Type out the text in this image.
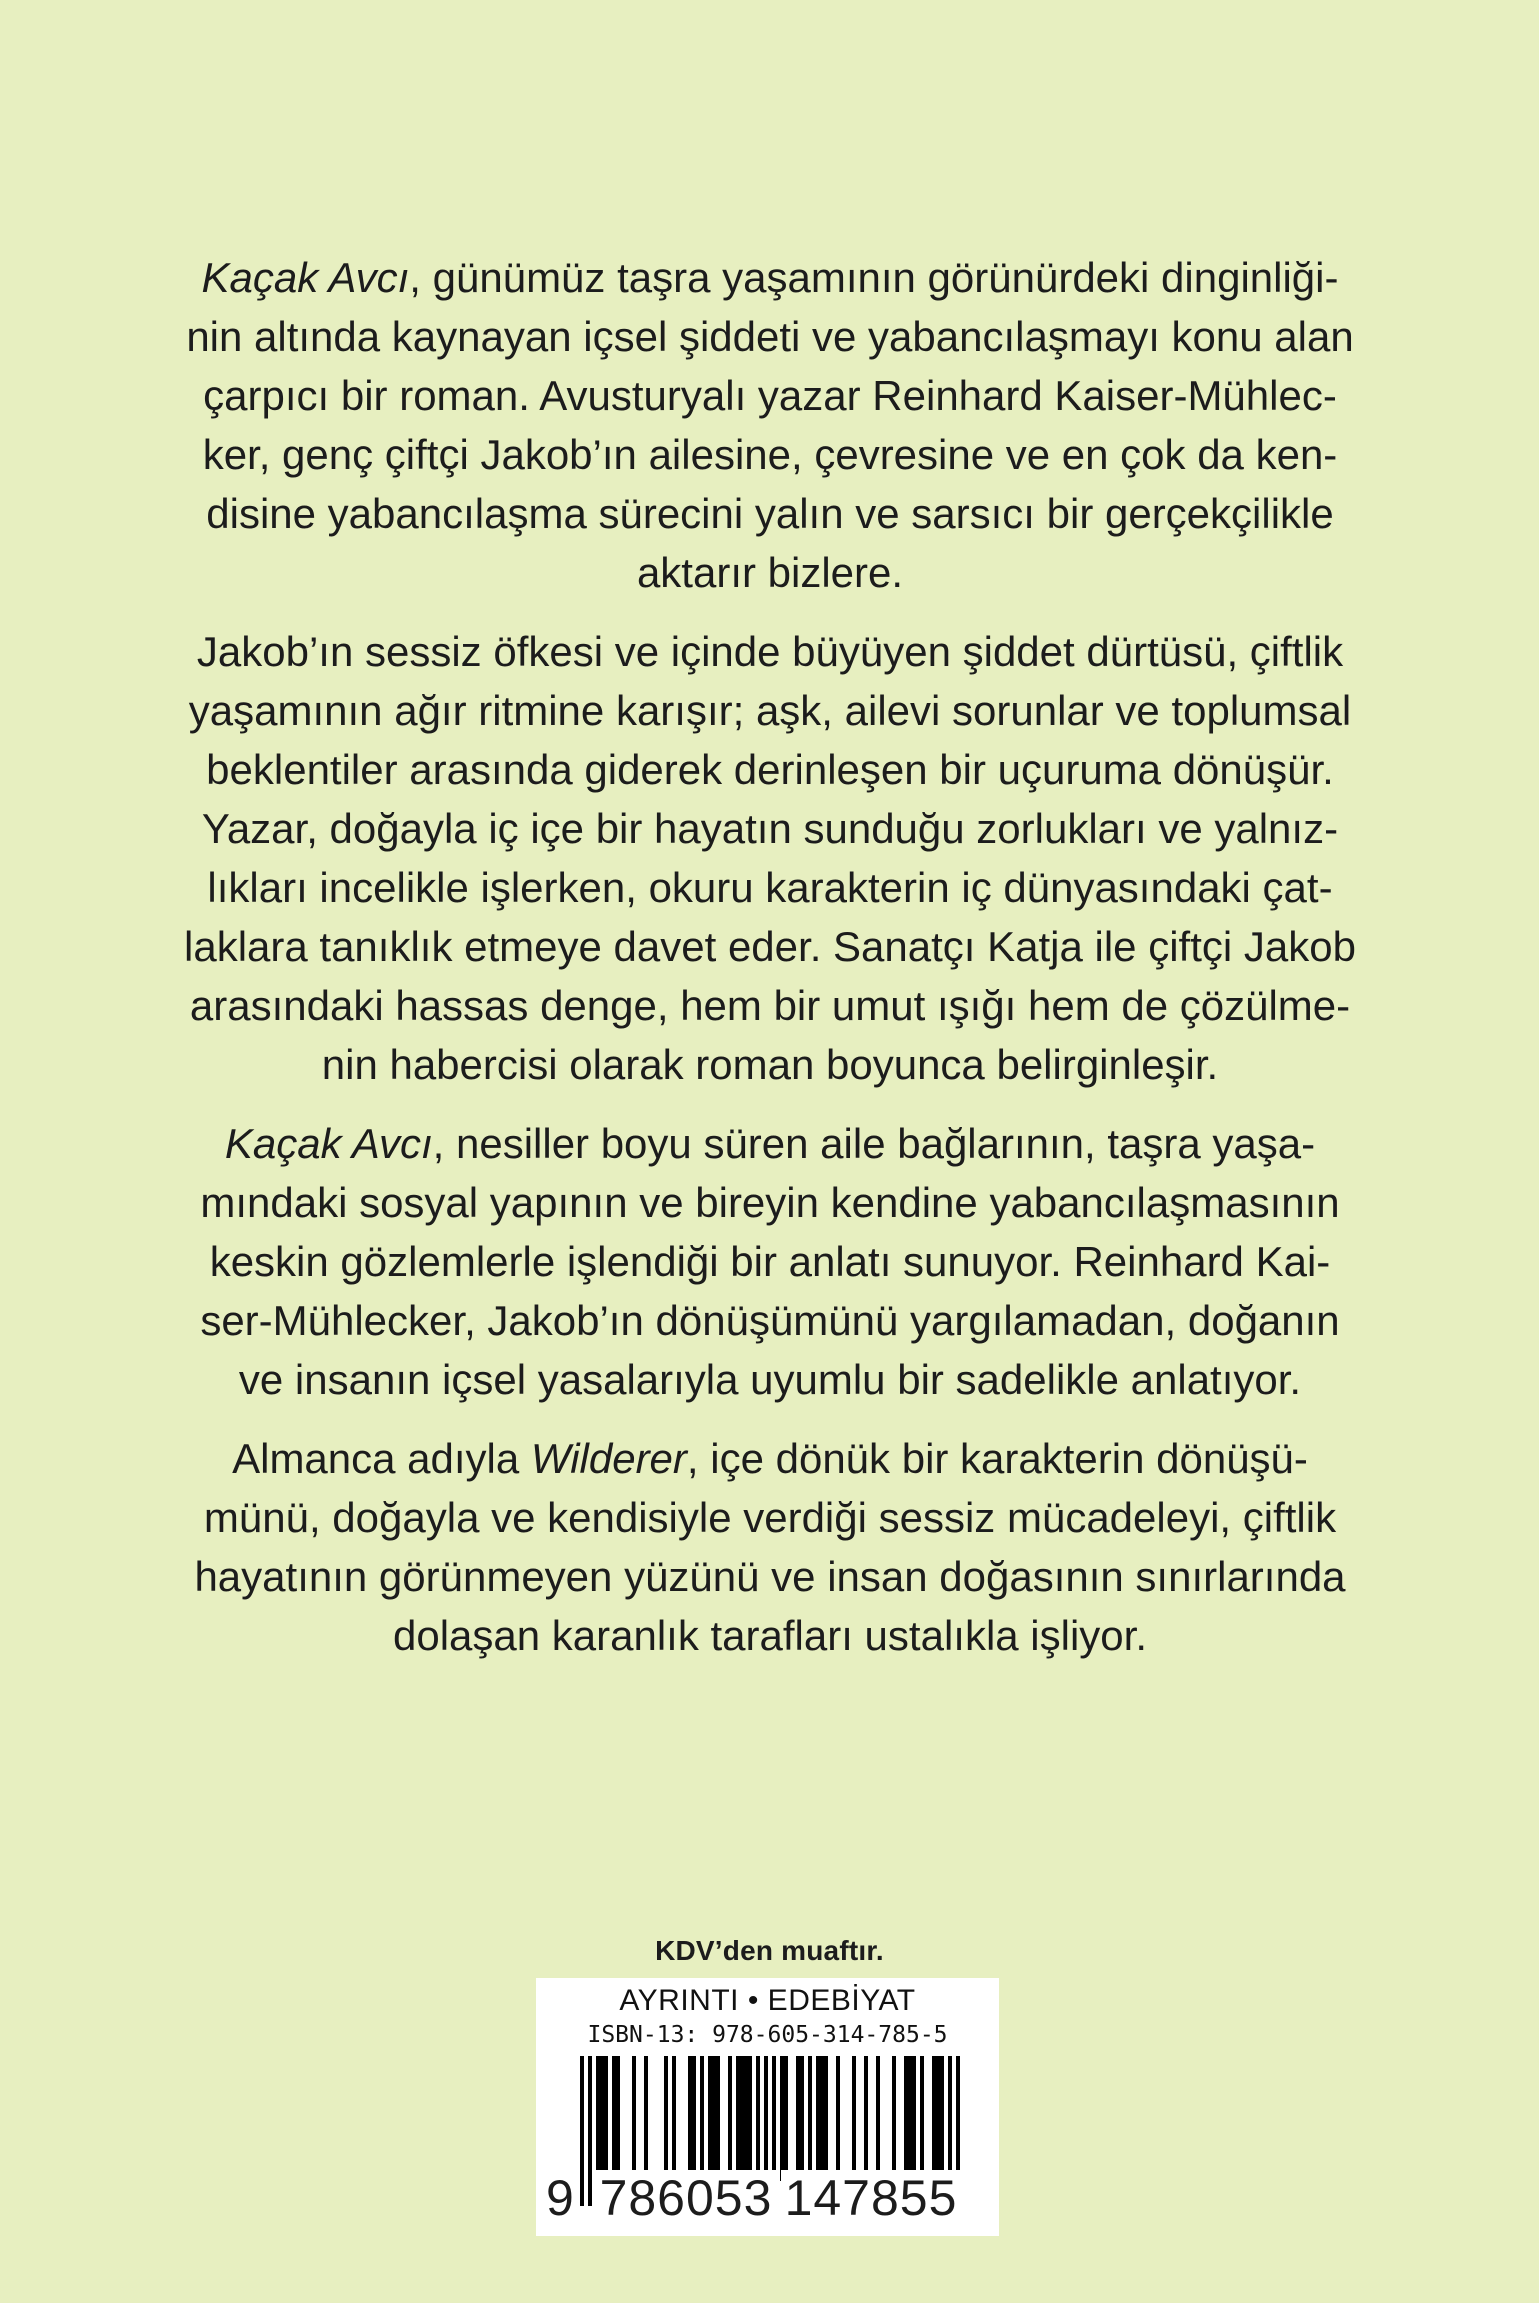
Kaçak Avcı, günümüz taşra yaşamının görünürdeki dinginliği-
nin altında kaynayan içsel şiddeti ve yabancılaşmayı konu alan
çarpıcı bir roman. Avusturyalı yazar Reinhard Kaiser-Mühlec-
ker, genç çiftçi Jakob’ın ailesine, çevresine ve en çok da ken-
disine yabancılaşma sürecini yalın ve sarsıcı bir gerçekçilikle
aktarır bizlere.

Jakob’ın sessiz öfkesi ve içinde büyüyen şiddet dürtüsü, çiftlik
yaşamının ağır ritmine karışır; aşk, ailevi sorunlar ve toplumsal
beklentiler arasında giderek derinleşen bir uçuruma dönüşür.
Yazar, doğayla iç içe bir hayatın sunduğu zorlukları ve yalnız-
lıkları incelikle işlerken, okuru karakterin iç dünyasındaki çat-
laklara tanıklık etmeye davet eder. Sanatçı Katja ile çiftçi Jakob
arasındaki hassas denge, hem bir umut ışığı hem de çözülme-
nin habercisi olarak roman boyunca belirginleşir.

Kaçak Avcı, nesiller boyu süren aile bağlarının, taşra yaşa-
mındaki sosyal yapının ve bireyin kendine yabancılaşmasının
keskin gözlemlerle işlendiği bir anlatı sunuyor. Reinhard Kai-
ser-Mühlecker, Jakob’ın dönüşümünü yargılamadan, doğanın
ve insanın içsel yasalarıyla uyumlu bir sadelikle anlatıyor.

Almanca adıyla Wilderer, içe dönük bir karakterin dönüşü-
münü, doğayla ve kendisiyle verdiği sessiz mücadeleyi, çiftlik
hayatının görünmeyen yüzünü ve insan doğasının sınırlarında
dolaşan karanlık tarafları ustalıkla işliyor.

KDV’den muaftır.
AYRINTI • EDEBİYAT
ISBN-13: 978-605-314-785-5
9 786053 147855
